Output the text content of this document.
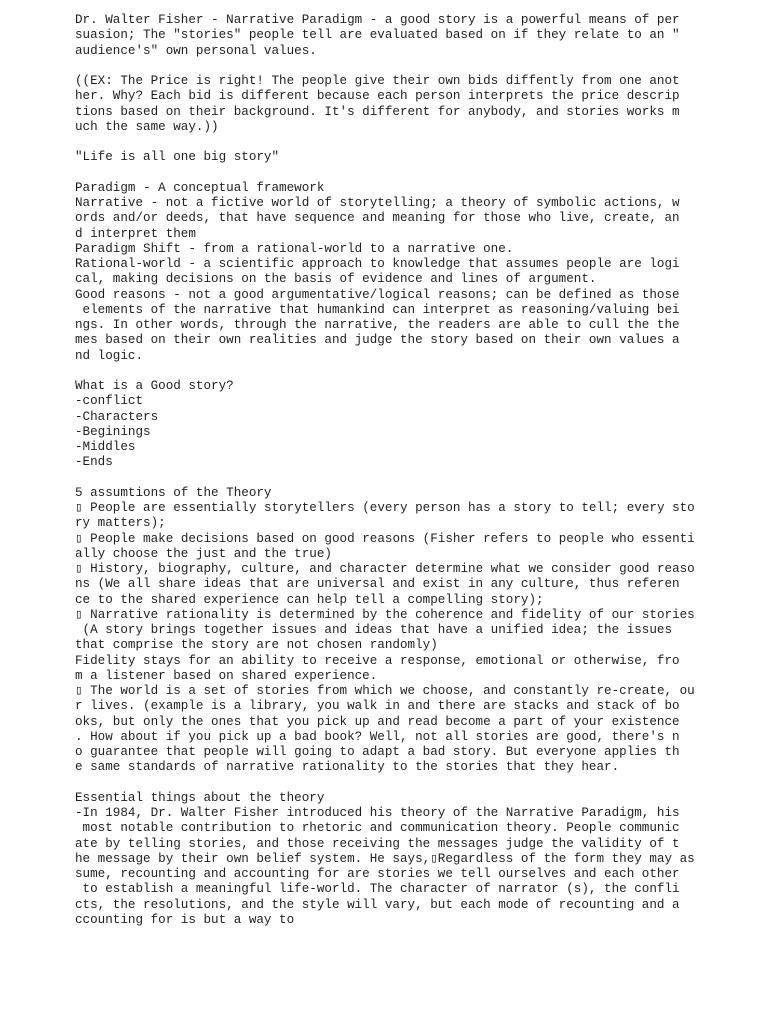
Dr. Walter Fisher - Narrative Paradigm - a good story is a powerful means of per
suasion; The "stories" people tell are evaluated based on if they relate to an "
audience's" own personal values.
((EX: The Price is right! The people give their own bids diffently from one anot
her. Why? Each bid is different because each person interprets the price descrip
tions based on their background. It's different for anybody, and stories works m
uch the same way.))
"Life is all one big story"
Paradigm - A conceptual framework
Narrative - not a fictive world of storytelling; a theory of symbolic actions, w
ords and/or deeds, that have sequence and meaning for those who live, create, an
d interpret them
Paradigm Shift - from a rational-world to a narrative one.
Rational-world - a scientific approach to knowledge that assumes people are logi
cal, making decisions on the basis of evidence and lines of argument.
Good reasons - not a good argumentative/logical reasons; can be defined as those
elements of the narrative that humankind can interpret as reasoning/valuing bei
ngs. In other words, through the narrative, the readers are able to cull the the
mes based on their own realities and judge the story based on their own values a
nd logic.
What is a Good story?
-conflict
-Characters
-Beginings
-Middles
-Ends
5 assumtions of the Theory
▯ People are essentially storytellers (every person has a story to tell; every sto
ry matters);
▯ People make decisions based on good reasons (Fisher refers to people who essenti
ally choose the just and the true)
▯ History, biography, culture, and character determine what we consider good reaso
ns (We all share ideas that are universal and exist in any culture, thus referen
ce to the shared experience can help tell a compelling story);
▯ Narrative rationality is determined by the coherence and fidelity of our stories
(A story brings together issues and ideas that have a unified idea; the issues
that comprise the story are not chosen randomly)
Fidelity stays for an ability to receive a response, emotional or otherwise, fro
m a listener based on shared experience.
▯ The world is a set of stories from which we choose, and constantly re-create, ou
r lives. (example is a library, you walk in and there are stacks and stack of bo
oks, but only the ones that you pick up and read become a part of your existence
. How about if you pick up a bad book? Well, not all stories are good, there's n
o guarantee that people will going to adapt a bad story. But everyone applies th
e same standards of narrative rationality to the stories that they hear.
Essential things about the theory
-In 1984, Dr. Walter Fisher introduced his theory of the Narrative Paradigm, his
most notable contribution to rhetoric and communication theory. People communic
ate by telling stories, and those receiving the messages judge the validity of t
he message by their own belief system. He says,▯Regardless of the form they may as
sume, recounting and accounting for are stories we tell ourselves and each other
to establish a meaningful life-world. The character of narrator (s), the confli
cts, the resolutions, and the style will vary, but each mode of recounting and a
ccounting for is but a way to
